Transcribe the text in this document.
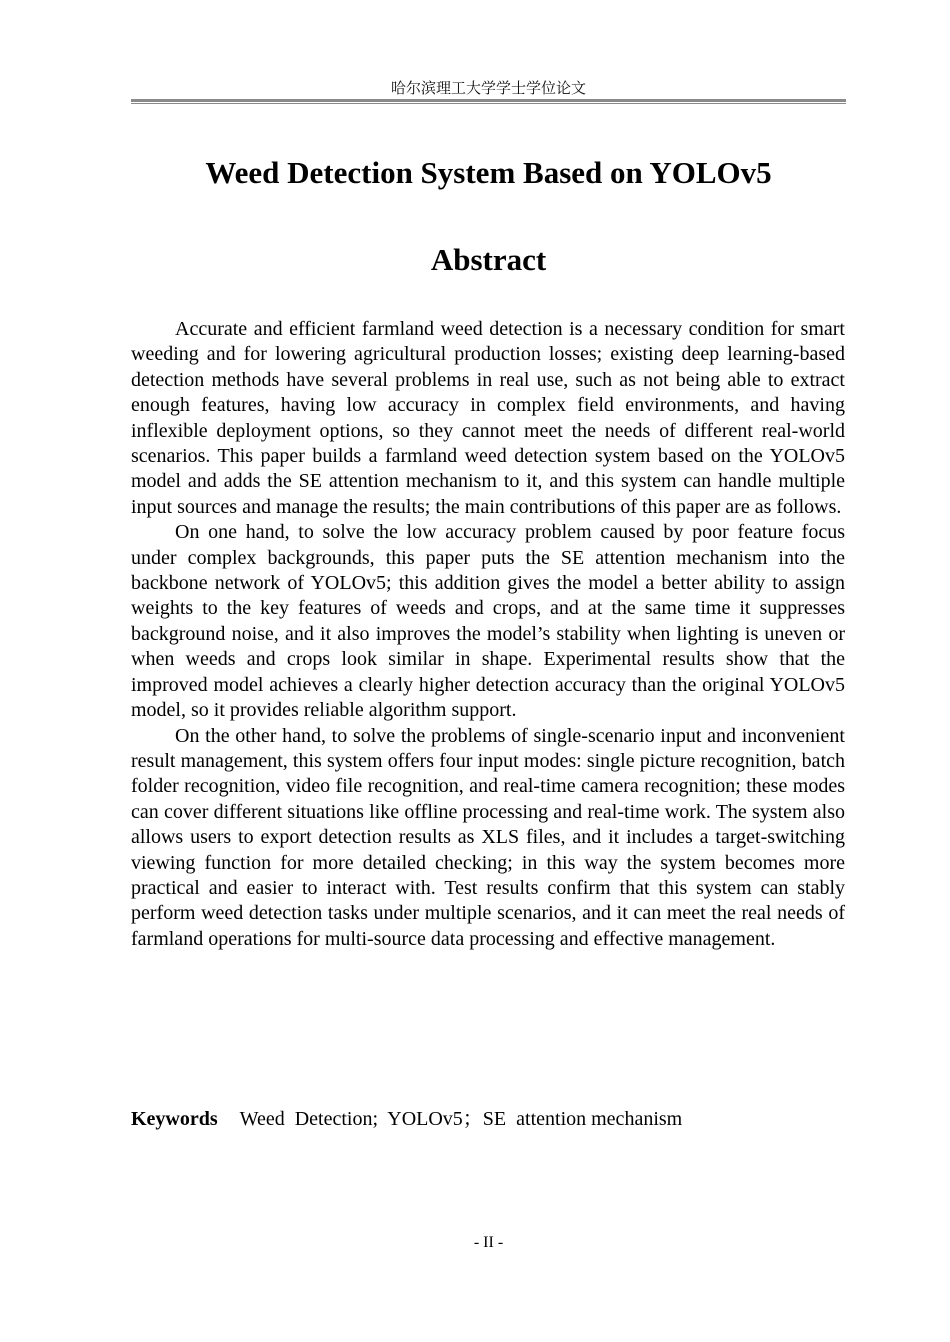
哈尔滨理工大学学士学位论文
Weed Detection System Based on YOLOv5
Abstract

Accurate and efficient farmland weed detection is a necessary condition for smart weeding and for lowering agricultural production losses; existing deep learning-based detection methods have several problems in real use, such as not being able to extract enough features, having low accuracy in complex field environments, and having inflexible deployment options, so they cannot meet the needs of different real-world scenarios. This paper builds a farmland weed detection system based on the YOLOv5 model and adds the SE attention mechanism to it, and this system can handle multiple input sources and manage the results; the main contributions of this paper are as follows.

On one hand, to solve the low accuracy problem caused by poor feature focus under complex backgrounds, this paper puts the SE attention mechanism into the backbone network of YOLOv5; this addition gives the model a better ability to assign weights to the key features of weeds and crops, and at the same time it suppresses background noise, and it also improves the model’s stability when lighting is uneven or when weeds and crops look similar in shape. Experimental results show that the improved model achieves a clearly higher detection accuracy than the original YOLOv5 model, so it provides reliable algorithm support.

On the other hand, to solve the problems of single-scenario input and inconvenient result management, this system offers four input modes: single picture recognition, batch folder recognition, video file recognition, and real-time camera recognition; these modes can cover different situations like offline processing and real-time work. The system also allows users to export detection results as XLS files, and it includes a target-switching viewing function for more detailed checking; in this way the system becomes more practical and easier to interact with. Test results confirm that this system can stably perform weed detection tasks under multiple scenarios, and it can meet the real needs of farmland operations for multi-source data processing and effective management.

Keywords Weed  Detection;  YOLOv5；SE  attention mechanism
- II -
